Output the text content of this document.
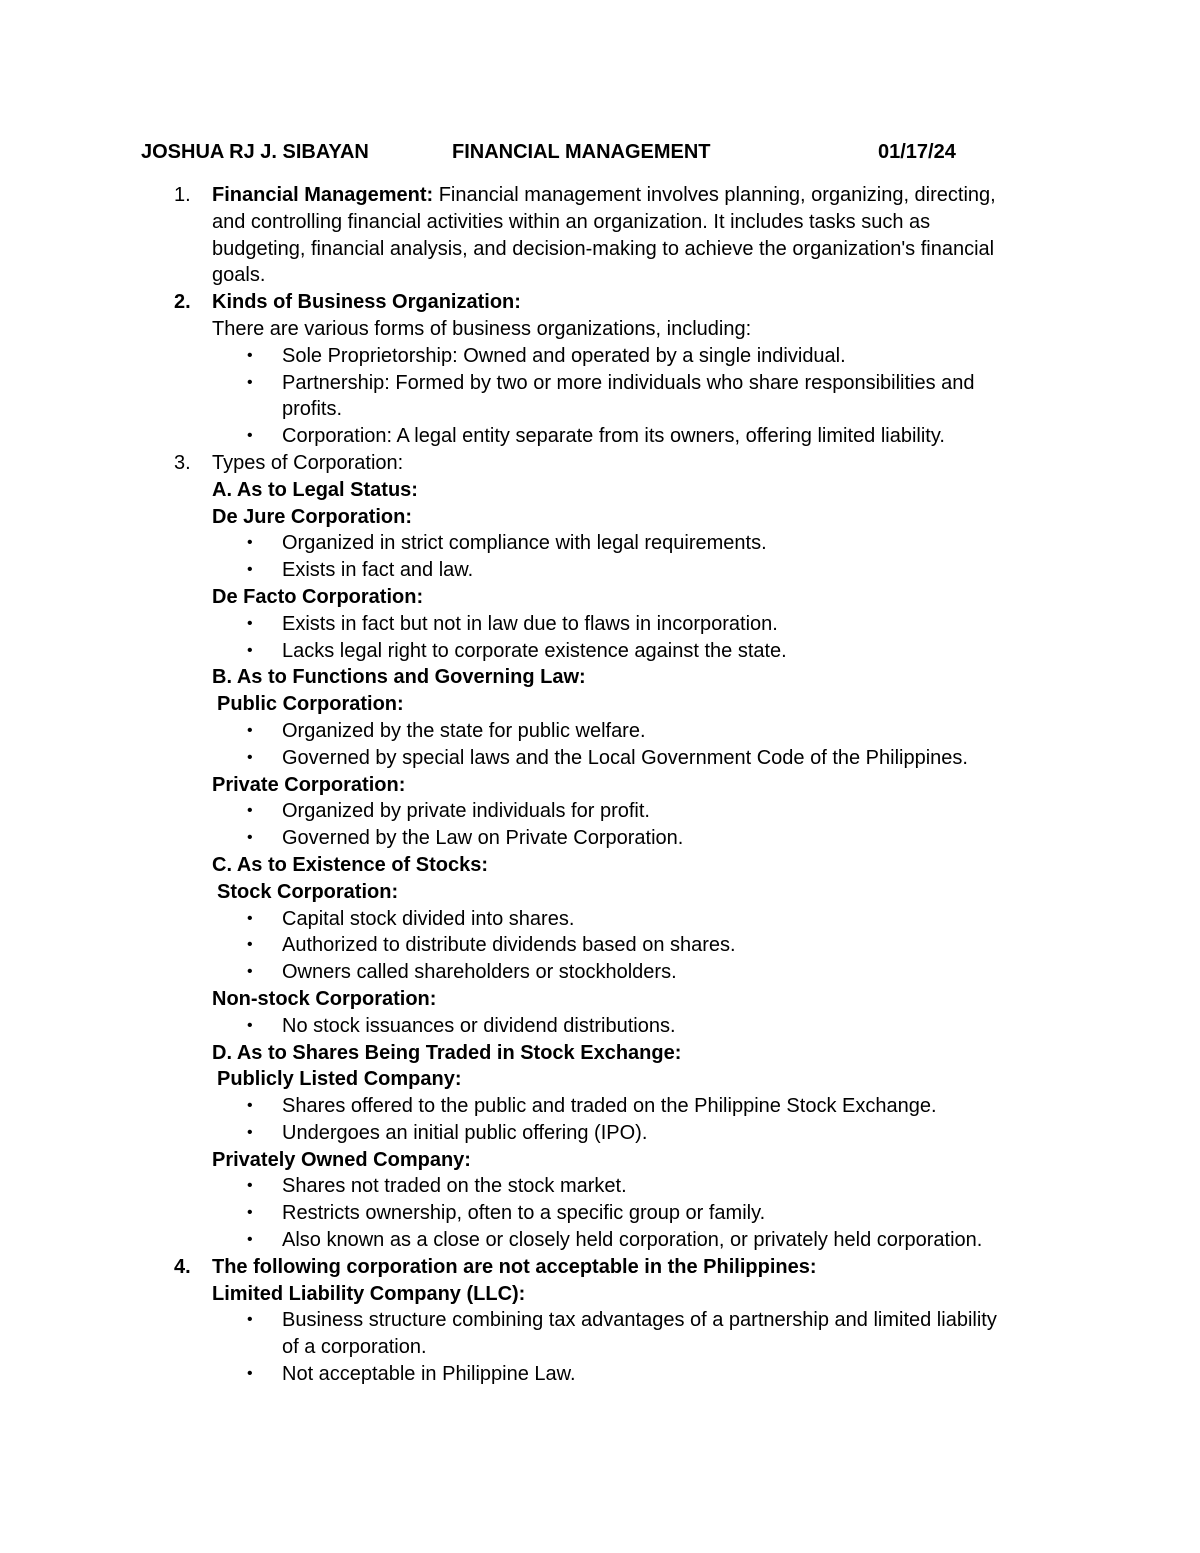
JOSHUA RJ J. SIBAYAN	FINANCIAL MANAGEMENT	01/17/24
1. Financial Management: Financial management involves planning, organizing, directing,
and controlling financial activities within an organization. It includes tasks such as
budgeting, financial analysis, and decision-making to achieve the organization's financial
goals.
2. Kinds of Business Organization:
There are various forms of business organizations, including:
• Sole Proprietorship: Owned and operated by a single individual.
• Partnership: Formed by two or more individuals who share responsibilities and
profits.
• Corporation: A legal entity separate from its owners, offering limited liability.
3. Types of Corporation:
A. As to Legal Status:
De Jure Corporation:
• Organized in strict compliance with legal requirements.
• Exists in fact and law.
De Facto Corporation:
• Exists in fact but not in law due to flaws in incorporation.
• Lacks legal right to corporate existence against the state.
B. As to Functions and Governing Law:
Public Corporation:
• Organized by the state for public welfare.
• Governed by special laws and the Local Government Code of the Philippines.
Private Corporation:
• Organized by private individuals for profit.
• Governed by the Law on Private Corporation.
C. As to Existence of Stocks:
Stock Corporation:
• Capital stock divided into shares.
• Authorized to distribute dividends based on shares.
• Owners called shareholders or stockholders.
Non-stock Corporation:
• No stock issuances or dividend distributions.
D. As to Shares Being Traded in Stock Exchange:
Publicly Listed Company:
• Shares offered to the public and traded on the Philippine Stock Exchange.
• Undergoes an initial public offering (IPO).
Privately Owned Company:
• Shares not traded on the stock market.
• Restricts ownership, often to a specific group or family.
• Also known as a close or closely held corporation, or privately held corporation.
4. The following corporation are not acceptable in the Philippines:
Limited Liability Company (LLC):
• Business structure combining tax advantages of a partnership and limited liability
of a corporation.
• Not acceptable in Philippine Law.
